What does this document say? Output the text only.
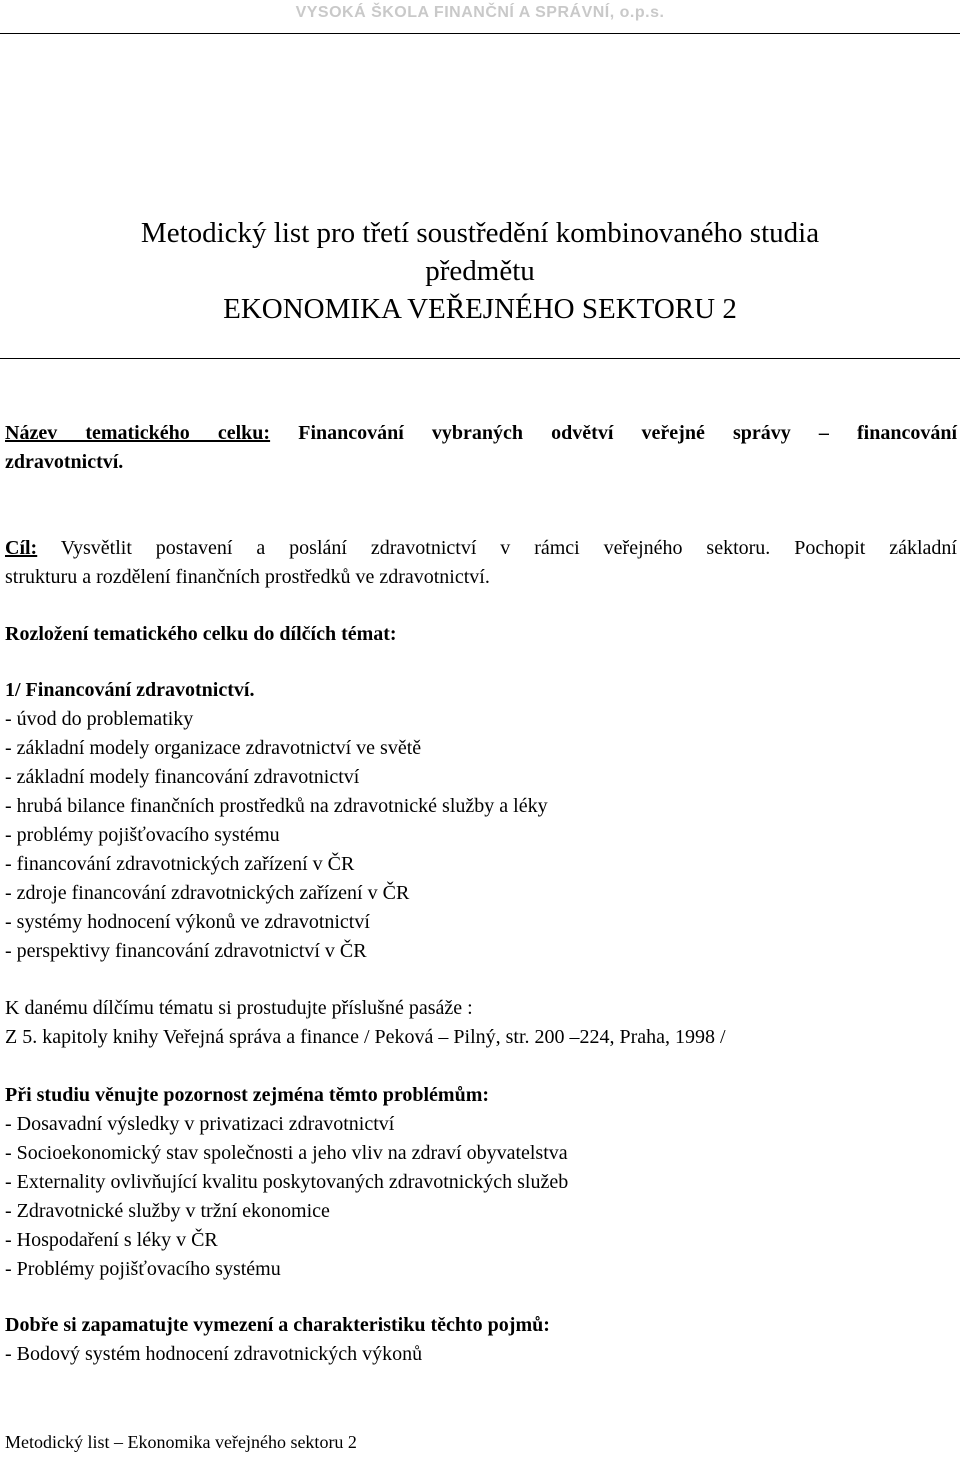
VYSOKÁ ŠKOLA FINANČNÍ A SPRÁVNÍ, o.p.s.
Metodický list pro třetí soustředění kombinovaného studia
předmětu
EKONOMIKA VEŘEJNÉHO SEKTORU 2
Název tematického celku: Financování vybraných odvětví veřejné správy – financování
zdravotnictví.
Cíl: Vysvětlit postavení a poslání zdravotnictví v rámci veřejného sektoru. Pochopit základní
strukturu a rozdělení finančních prostředků ve zdravotnictví.
Rozložení tematického celku do dílčích témat:
1/ Financování zdravotnictví.
- úvod do problematiky
- základní modely organizace zdravotnictví ve světě
- základní modely financování zdravotnictví
- hrubá bilance finančních prostředků na zdravotnické služby a léky
- problémy pojišťovacího systému
- financování zdravotnických zařízení v ČR
- zdroje financování zdravotnických zařízení v ČR
- systémy hodnocení výkonů ve zdravotnictví
- perspektivy financování zdravotnictví v ČR
K danému dílčímu tématu si prostudujte příslušné pasáže :
Z 5. kapitoly knihy Veřejná správa a finance / Peková – Pilný, str. 200 –224, Praha, 1998 /
Při studiu věnujte pozornost zejména těmto problémům:
- Dosavadní výsledky v privatizaci zdravotnictví
- Socioekonomický stav společnosti a jeho vliv na zdraví obyvatelstva
- Externality ovlivňující kvalitu poskytovaných zdravotnických služeb
- Zdravotnické služby v tržní ekonomice
- Hospodaření s léky v ČR
- Problémy pojišťovacího systému
Dobře si zapamatujte vymezení a charakteristiku těchto pojmů:
- Bodový systém hodnocení zdravotnických výkonů
Metodický list – Ekonomika veřejného sektoru 2
